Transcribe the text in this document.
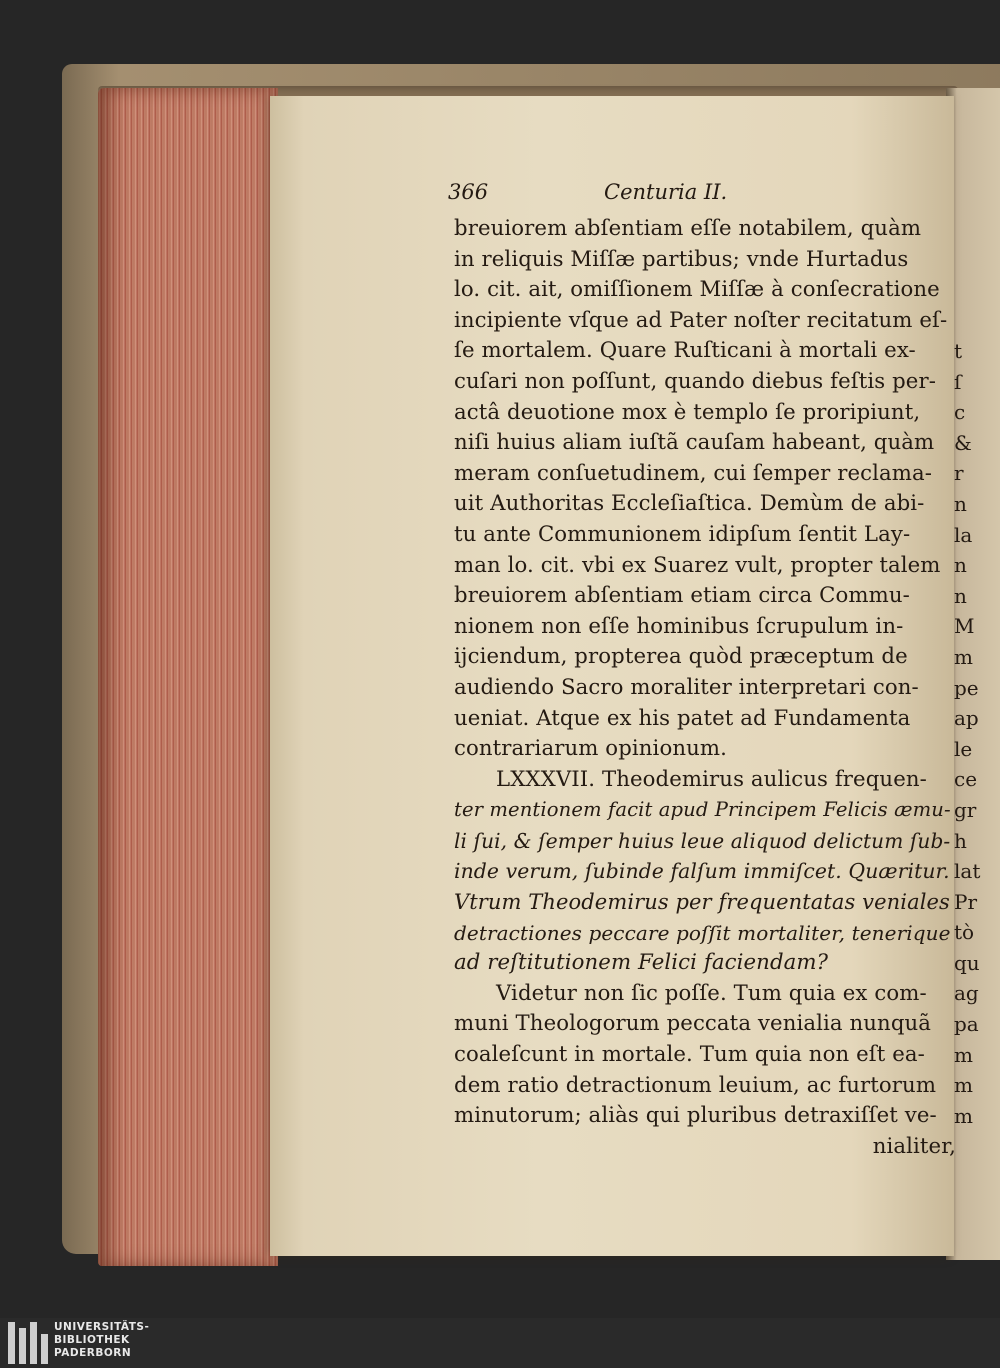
366	Centuria II.
breuiorem abſentiam eſſe notabilem, quàm
in reliquis Miſſæ partibus; vnde Hurtadus
lo. cit. ait, omiſſionem Miſſæ à conſecratione
incipiente vſque ad Pater noſter recitatum eſ-
ſe mortalem. Quare Ruſticani à mortali ex-
cuſari non poſſunt, quando diebus feſtis per-
actâ deuotione mox è templo ſe proripiunt,
niſi huius aliam iuſtã cauſam habeant, quàm
meram conſuetudinem, cui ſemper reclama-
uit Authoritas Eccleſiaſtica. Demùm de abi-
tu ante Communionem idipſum ſentit Lay-
man lo. cit. vbi ex Suarez vult, propter talem
breuiorem abſentiam etiam circa Commu-
nionem non eſſe hominibus ſcrupulum in-
ijciendum, propterea quòd præceptum de
audiendo Sacro moraliter interpretari con-
ueniat. Atque ex his patet ad Fundamenta
contrariarum opinionum.
LXXXVII. Theodemirus aulicus frequen-
ter mentionem facit apud Principem Felicis æmu-
li ſui, & ſemper huius leue aliquod delictum ſub-
inde verum, ſubinde falſum immiſcet. Quæritur.
Vtrum Theodemirus per frequentatas veniales
detractiones peccare poſſit mortaliter, tenerique
ad reſtitutionem Felici faciendam?
Videtur non ſic poſſe. Tum quia ex com-
muni Theologorum peccata venialia nunquã
coaleſcunt in mortale. Tum quia non eſt ea-
dem ratio detractionum leuium, ac furtorum
minutorum; aliàs qui pluribus detraxiſſet ve-
nialiter,
t
ſ
c
&
r
n
la
n
n
M
m
pe
ap
le
ce
gr
h
lat
Pr
tò
qu
ag
pa
m
m
m
UNIVERSITÄTS-
BIBLIOTHEK
PADERBORN
